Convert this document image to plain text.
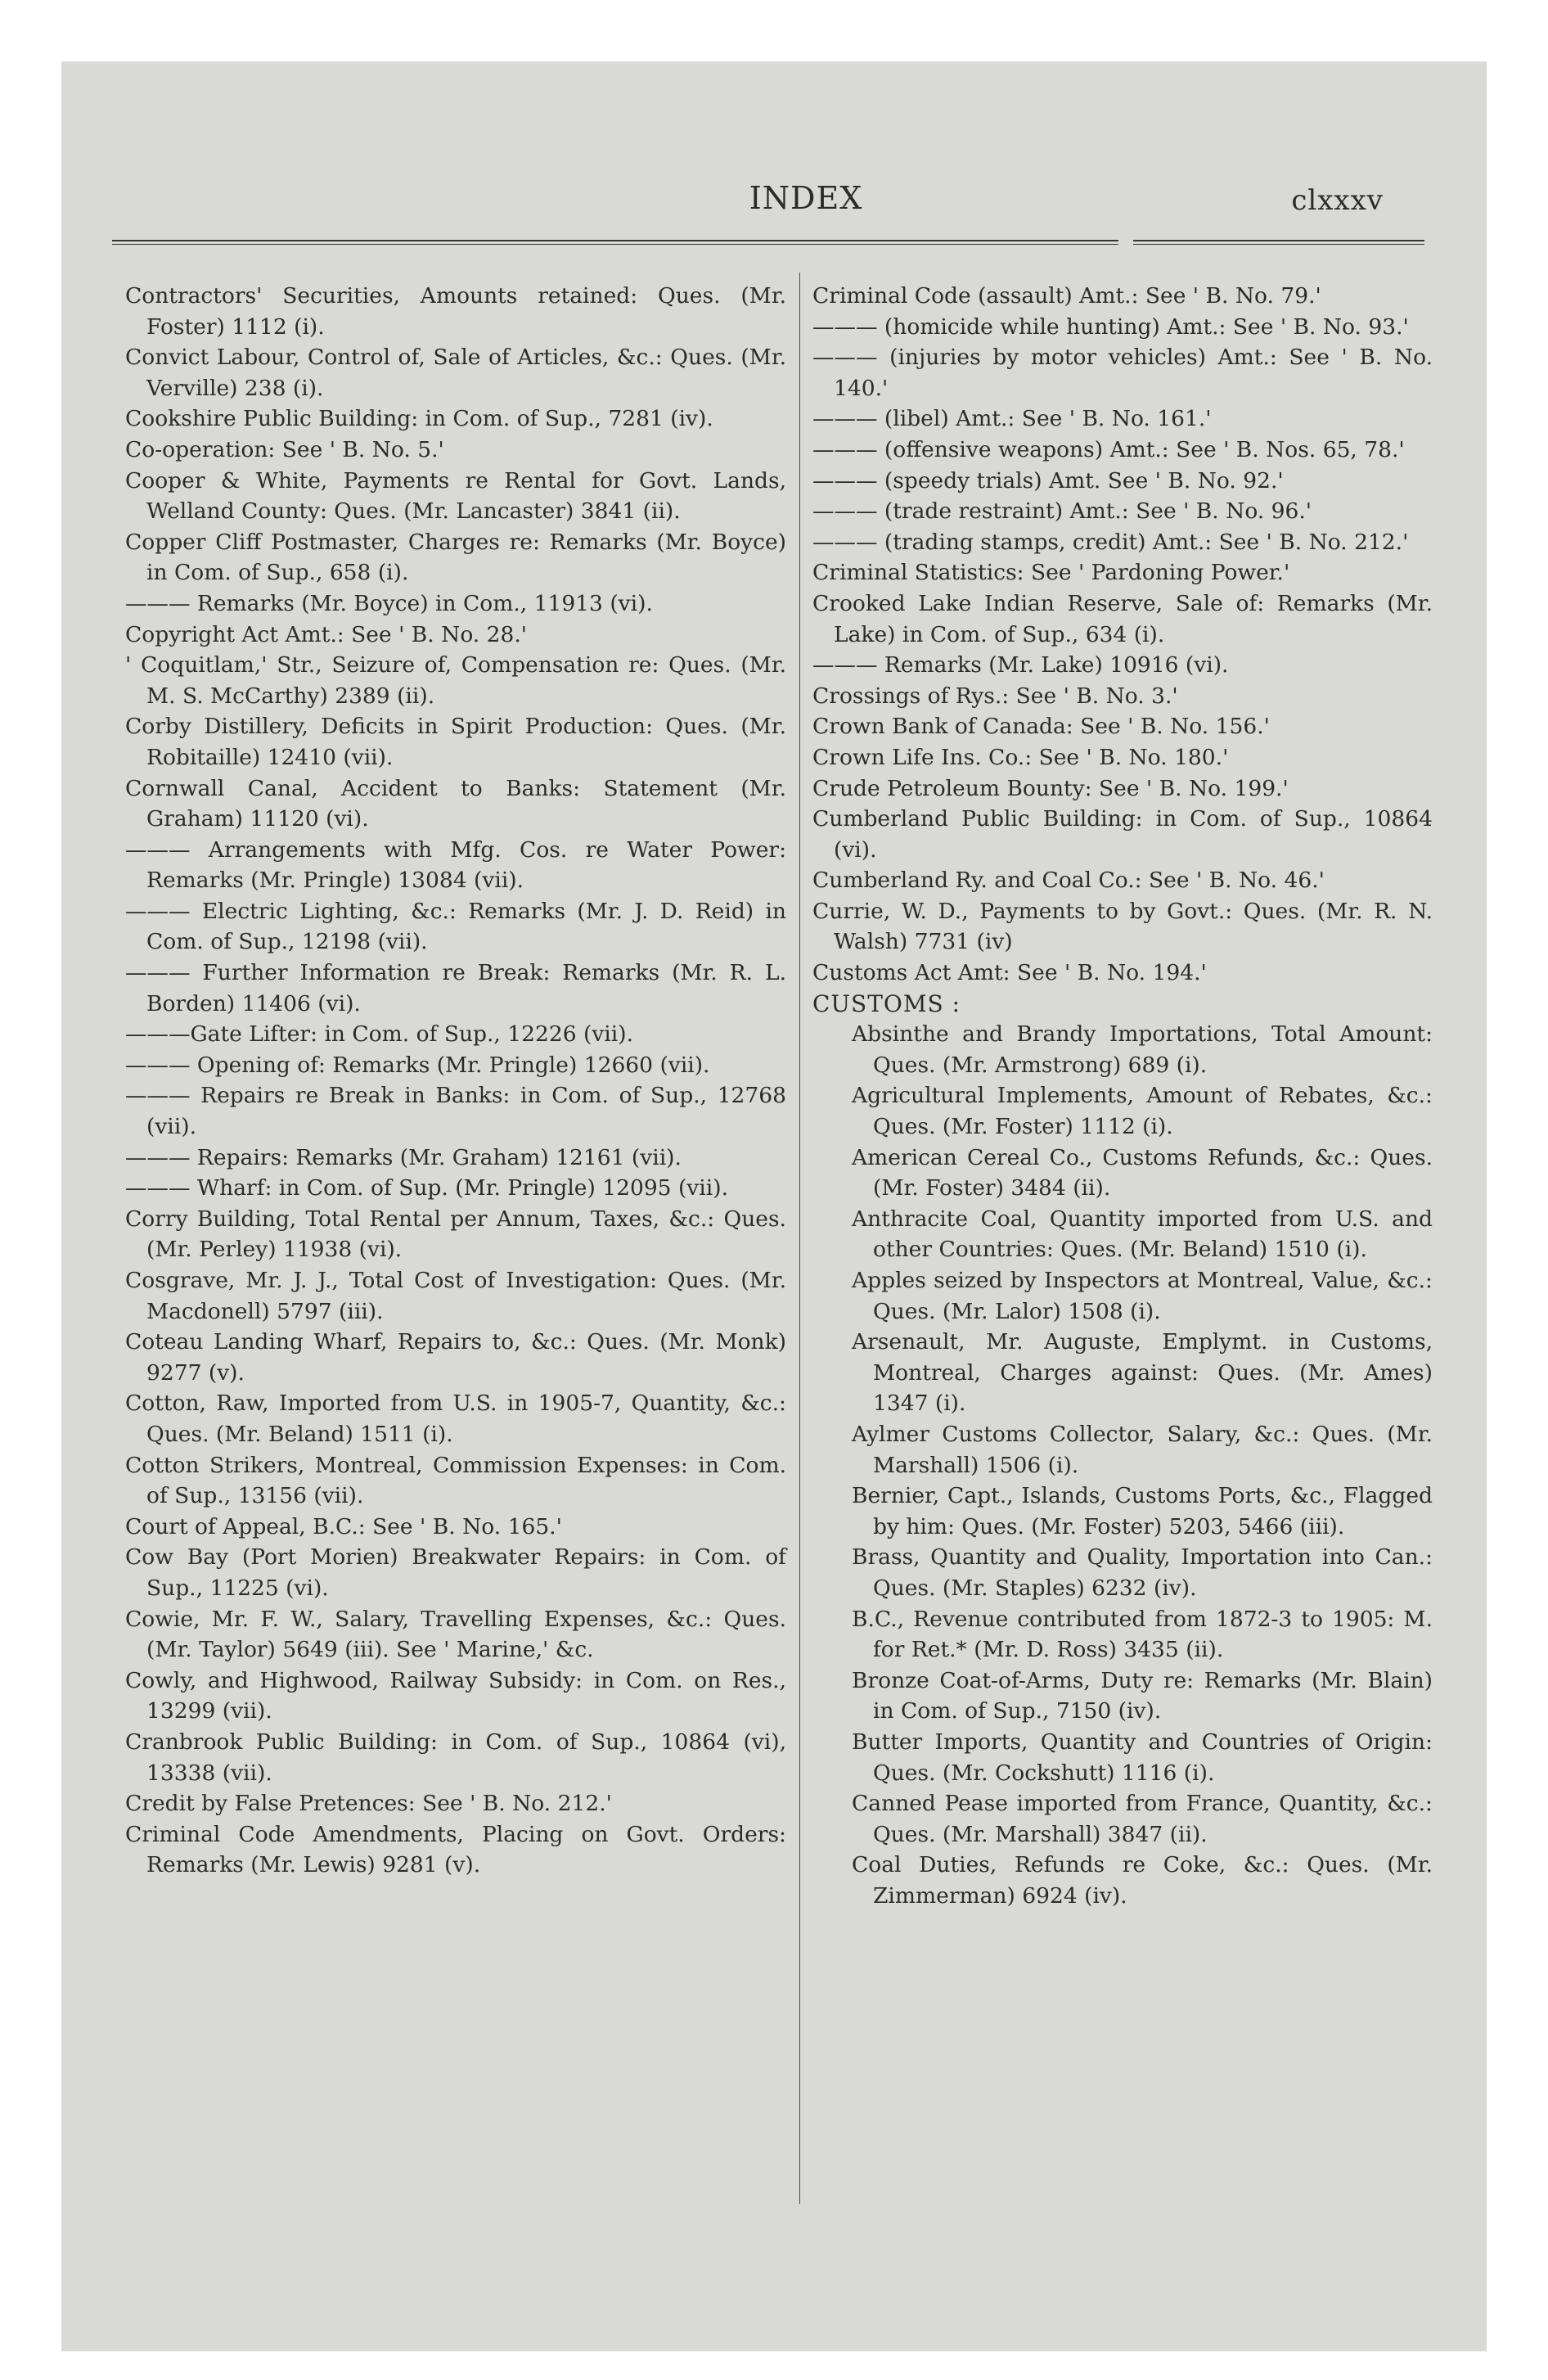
INDEX	clxxxv

Contractors' Securities, Amounts retained: Ques. (Mr. Foster) 1112 (i).

Convict Labour, Control of, Sale of Articles, &c.: Ques. (Mr. Verville) 238 (i).

Cookshire Public Building: in Com. of Sup., 7281 (iv).

Co-operation: See ' B. No. 5.'

Cooper & White, Payments re Rental for Govt. Lands, Welland County: Ques. (Mr. Lancaster) 3841 (ii).

Copper Cliff Postmaster, Charges re: Remarks (Mr. Boyce) in Com. of Sup., 658 (i).

——— Remarks (Mr. Boyce) in Com., 11913 (vi).

Copyright Act Amt.: See ' B. No. 28.'

' Coquitlam,' Str., Seizure of, Compensation re: Ques. (Mr. M. S. McCarthy) 2389 (ii).

Corby Distillery, Deficits in Spirit Production: Ques. (Mr. Robitaille) 12410 (vii).

Cornwall Canal, Accident to Banks: Statement (Mr. Graham) 11120 (vi).

——— Arrangements with Mfg. Cos. re Water Power: Remarks (Mr. Pringle) 13084 (vii).

——— Electric Lighting, &c.: Remarks (Mr. J. D. Reid) in Com. of Sup., 12198 (vii).

——— Further Information re Break: Remarks (Mr. R. L. Borden) 11406 (vi).

———Gate Lifter: in Com. of Sup., 12226 (vii).

——— Opening of: Remarks (Mr. Pringle) 12660 (vii).

——— Repairs re Break in Banks: in Com. of Sup., 12768 (vii).

——— Repairs: Remarks (Mr. Graham) 12161 (vii).

——— Wharf: in Com. of Sup. (Mr. Pringle) 12095 (vii).

Corry Building, Total Rental per Annum, Taxes, &c.: Ques. (Mr. Perley) 11938 (vi).

Cosgrave, Mr. J. J., Total Cost of Investigation: Ques. (Mr. Macdonell) 5797 (iii).

Coteau Landing Wharf, Repairs to, &c.: Ques. (Mr. Monk) 9277 (v).

Cotton, Raw, Imported from U.S. in 1905-7, Quantity, &c.: Ques. (Mr. Beland) 1511 (i).

Cotton Strikers, Montreal, Commission Expenses: in Com. of Sup., 13156 (vii).

Court of Appeal, B.C.: See ' B. No. 165.'

Cow Bay (Port Morien) Breakwater Repairs: in Com. of Sup., 11225 (vi).

Cowie, Mr. F. W., Salary, Travelling Expenses, &c.: Ques. (Mr. Taylor) 5649 (iii). See ' Marine,' &c.

Cowly, and Highwood, Railway Subsidy: in Com. on Res., 13299 (vii).

Cranbrook Public Building: in Com. of Sup., 10864 (vi), 13338 (vii).

Credit by False Pretences: See ' B. No. 212.'

Criminal Code Amendments, Placing on Govt. Orders: Remarks (Mr. Lewis) 9281 (v).

Criminal Code (assault) Amt.: See ' B. No. 79.'

——— (homicide while hunting) Amt.: See ' B. No. 93.'

——— (injuries by motor vehicles) Amt.: See ' B. No. 140.'

——— (libel) Amt.: See ' B. No. 161.'

——— (offensive weapons) Amt.: See ' B. Nos. 65, 78.'

——— (speedy trials) Amt. See ' B. No. 92.'

——— (trade restraint) Amt.: See ' B. No. 96.'

——— (trading stamps, credit) Amt.: See ' B. No. 212.'

Criminal Statistics: See ' Pardoning Power.'

Crooked Lake Indian Reserve, Sale of: Remarks (Mr. Lake) in Com. of Sup., 634 (i).

——— Remarks (Mr. Lake) 10916 (vi).

Crossings of Rys.: See ' B. No. 3.'

Crown Bank of Canada: See ' B. No. 156.'

Crown Life Ins. Co.: See ' B. No. 180.'

Crude Petroleum Bounty: See ' B. No. 199.'

Cumberland Public Building: in Com. of Sup., 10864 (vi).

Cumberland Ry. and Coal Co.: See ' B. No. 46.'

Currie, W. D., Payments to by Govt.: Ques. (Mr. R. N. Walsh) 7731 (iv)

Customs Act Amt: See ' B. No. 194.'

CUSTOMS :

Absinthe and Brandy Importations, Total Amount: Ques. (Mr. Armstrong) 689 (i).

Agricultural Implements, Amount of Rebates, &c.: Ques. (Mr. Foster) 1112 (i).

American Cereal Co., Customs Refunds, &c.: Ques. (Mr. Foster) 3484 (ii).

Anthracite Coal, Quantity imported from U.S. and other Countries: Ques. (Mr. Beland) 1510 (i).

Apples seized by Inspectors at Montreal, Value, &c.: Ques. (Mr. Lalor) 1508 (i).

Arsenault, Mr. Auguste, Emplymt. in Customs, Montreal, Charges against: Ques. (Mr. Ames) 1347 (i).

Aylmer Customs Collector, Salary, &c.: Ques. (Mr. Marshall) 1506 (i).

Bernier, Capt., Islands, Customs Ports, &c., Flagged by him: Ques. (Mr. Foster) 5203, 5466 (iii).

Brass, Quantity and Quality, Importation into Can.: Ques. (Mr. Staples) 6232 (iv).

B.C., Revenue contributed from 1872-3 to 1905: M. for Ret.* (Mr. D. Ross) 3435 (ii).

Bronze Coat-of-Arms, Duty re: Remarks (Mr. Blain) in Com. of Sup., 7150 (iv).

Butter Imports, Quantity and Countries of Origin: Ques. (Mr. Cockshutt) 1116 (i).

Canned Pease imported from France, Quantity, &c.: Ques. (Mr. Marshall) 3847 (ii).

Coal Duties, Refunds re Coke, &c.: Ques. (Mr. Zimmerman) 6924 (iv).
